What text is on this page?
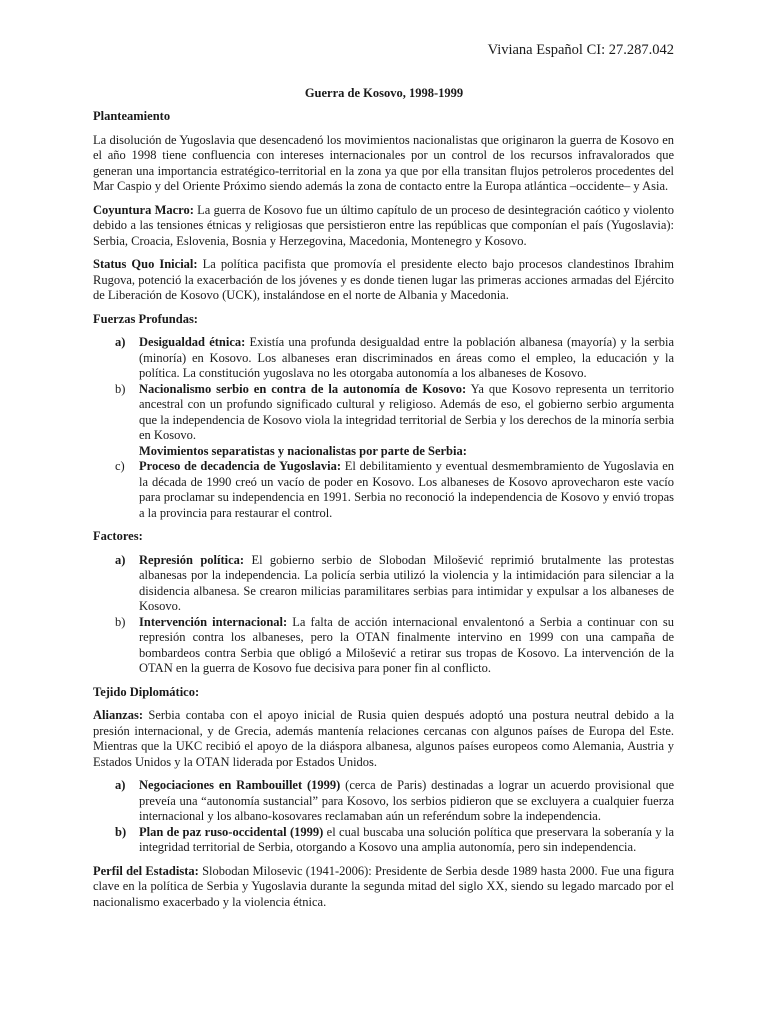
Viviana Español CI: 27.287.042
Guerra de Kosovo, 1998-1999
Planteamiento

La disolución de Yugoslavia que desencadenó los movimientos nacionalistas que originaron la guerra de Kosovo en el año 1998 tiene confluencia con intereses internacionales por un control de los recursos infravalorados que generan una importancia estratégico-territorial en la zona ya que por ella transitan flujos petroleros procedentes del Mar Caspio y del Oriente Próximo siendo además la zona de contacto entre la Europa atlántica –occidente– y Asia.

Coyuntura Macro: La guerra de Kosovo fue un último capítulo de un proceso de desintegración caótico y violento debido a las tensiones étnicas y religiosas que persistieron entre las repúblicas que componían el país (Yugoslavia): Serbia, Croacia, Eslovenia, Bosnia y Herzegovina, Macedonia, Montenegro y Kosovo.

Status Quo Inicial: La política pacifista que promovía el presidente electo bajo procesos clandestinos Ibrahim Rugova, potenció la exacerbación de los jóvenes y es donde tienen lugar las primeras acciones armadas del Ejército de Liberación de Kosovo (UCK), instalándose en el norte de Albania y Macedonia.

Fuerzas Profundas:
a) Desigualdad étnica: Existía una profunda desigualdad entre la población albanesa (mayoría) y la serbia (minoría) en Kosovo. Los albaneses eran discriminados en áreas como el empleo, la educación y la política. La constitución yugoslava no les otorgaba autonomía a los albaneses de Kosovo.
b) Nacionalismo serbio en contra de la autonomía de Kosovo: Ya que Kosovo representa un territorio ancestral con un profundo significado cultural y religioso. Además de eso, el gobierno serbio argumenta que la independencia de Kosovo viola la integridad territorial de Serbia y los derechos de la minoría serbia en Kosovo.
Movimientos separatistas y nacionalistas por parte de Serbia:
c) Proceso de decadencia de Yugoslavia: El debilitamiento y eventual desmembramiento de Yugoslavia en la década de 1990 creó un vacío de poder en Kosovo. Los albaneses de Kosovo aprovecharon este vacío para proclamar su independencia en 1991. Serbia no reconoció la independencia de Kosovo y envió tropas a la provincia para restaurar el control.
Factores:
a) Represión política: El gobierno serbio de Slobodan Milošević reprimió brutalmente las protestas albanesas por la independencia. La policía serbia utilizó la violencia y la intimidación para silenciar a la disidencia albanesa. Se crearon milicias paramilitares serbias para intimidar y expulsar a los albaneses de Kosovo.
b) Intervención internacional: La falta de acción internacional envalentonó a Serbia a continuar con su represión contra los albaneses, pero la OTAN finalmente intervino en 1999 con una campaña de bombardeos contra Serbia que obligó a Milošević a retirar sus tropas de Kosovo. La intervención de la OTAN en la guerra de Kosovo fue decisiva para poner fin al conflicto.
Tejido Diplomático:

Alianzas: Serbia contaba con el apoyo inicial de Rusia quien después adoptó una postura neutral debido a la presión internacional, y de Grecia, además mantenía relaciones cercanas con algunos países de Europa del Este. Mientras que la UKC recibió el apoyo de la diáspora albanesa, algunos países europeos como Alemania, Austria y Estados Unidos y la OTAN liderada por Estados Unidos.

a) Negociaciones en Rambouillet (1999) (cerca de Paris) destinadas a lograr un acuerdo provisional que preveía una “autonomía sustancial” para Kosovo, los serbios pidieron que se excluyera a cualquier fuerza internacional y los albano-kosovares reclamaban aún un referéndum sobre la independencia.
b) Plan de paz ruso-occidental (1999) el cual buscaba una solución política que preservara la soberanía y la integridad territorial de Serbia, otorgando a Kosovo una amplia autonomía, pero sin independencia.

Perfil del Estadista: Slobodan Milosevic (1941-2006): Presidente de Serbia desde 1989 hasta 2000. Fue una figura clave en la política de Serbia y Yugoslavia durante la segunda mitad del siglo XX, siendo su legado marcado por el nacionalismo exacerbado y la violencia étnica.
